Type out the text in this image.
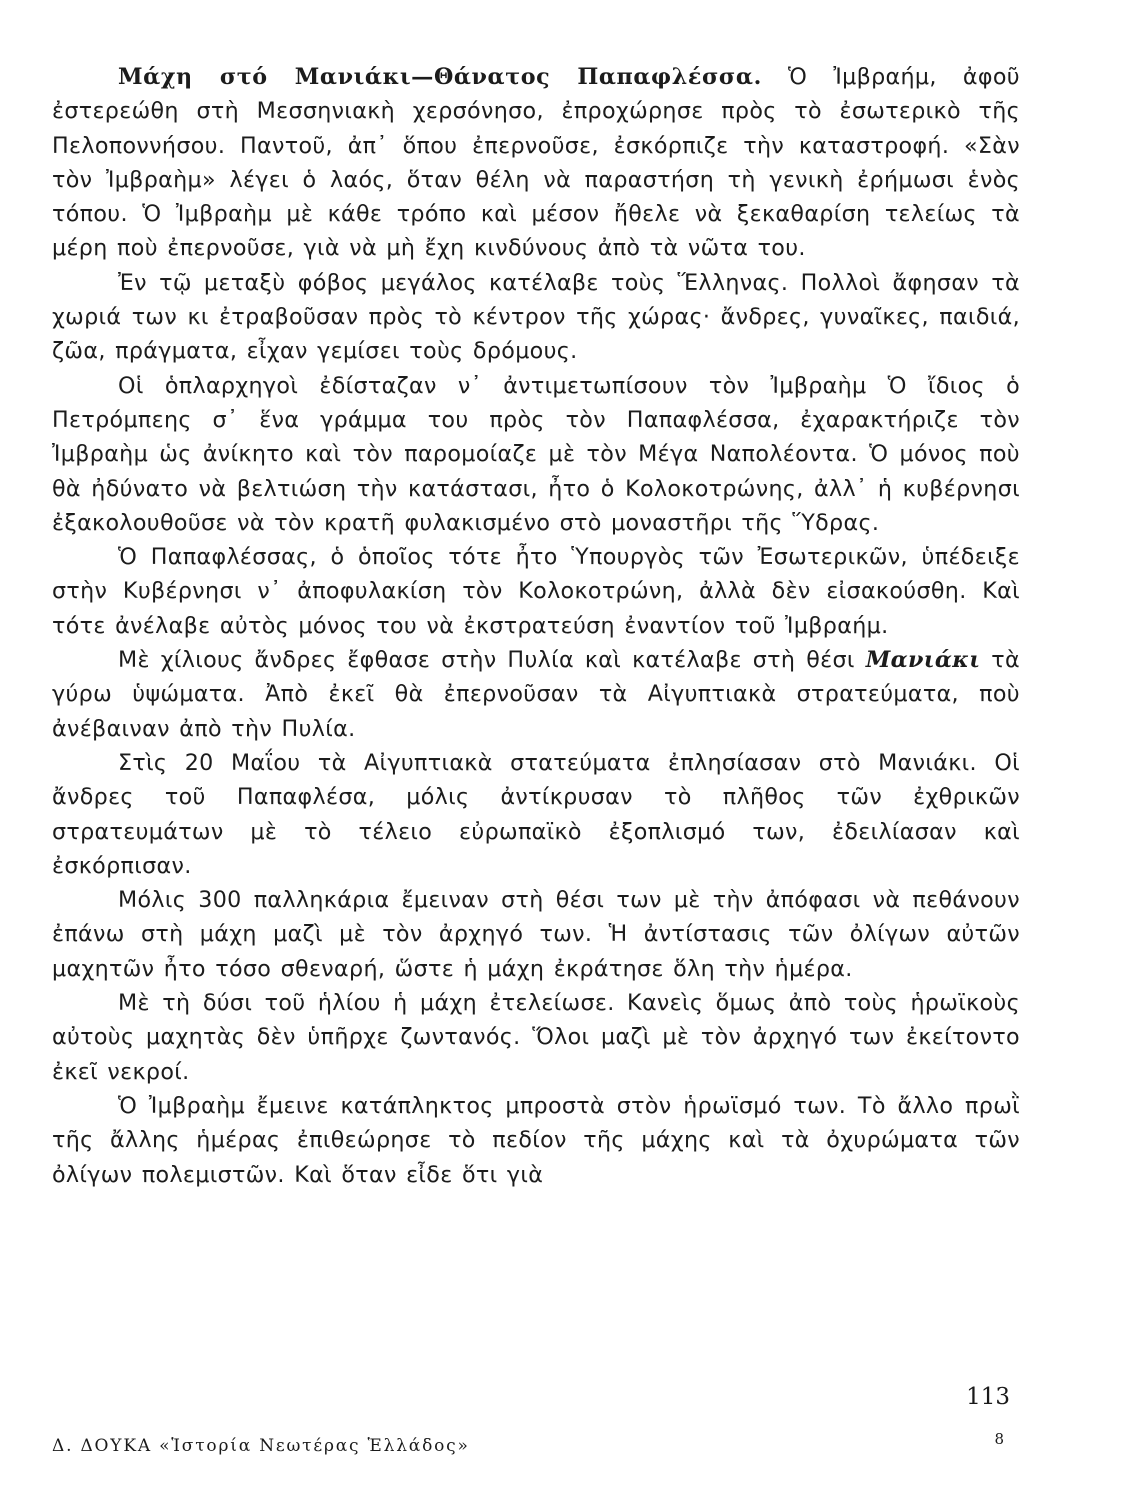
Μάχη στό Μανιάκι—Θάνατος Παπαφλέσσα. Ὁ Ἰμβραήμ, ἀφοῦ ἐστερεώθη στὴ Μεσσηνιακὴ χερσόνησο, ἐπροχώρησε πρὸς τὸ ἐσωτερικὸ τῆς Πελοποννήσου. Παντοῦ, ἀπ᾿ ὅπου ἐπερνοῦσε, ἐσκόρπιζε τὴν καταστροφή. «Σὰν τὸν Ἰμβραὴμ» λέγει ὁ λαός, ὅταν θέλη νὰ παραστήση τὴ γενικὴ ἐρήμωσι ἑνὸς τόπου. Ὁ Ἰμβραὴμ μὲ κάθε τρόπο καὶ μέσον ἤθελε νὰ ξεκαθαρίση τελείως τὰ μέρη ποὺ ἐπερνοῦσε, γιὰ νὰ μὴ ἔχη κινδύνους ἀπὸ τὰ νῶτα του.

Ἐν τῷ μεταξὺ φόβος μεγάλος κατέλαβε τοὺς Ἕλληνας. Πολλοὶ ἄφησαν τὰ χωριά των κι ἐτραβοῦσαν πρὸς τὸ κέντρον τῆς χώρας· ἄνδρες, γυναῖκες, παιδιά, ζῶα, πράγματα, εἶχαν γεμίσει τοὺς δρόμους.

Οἱ ὁπλαρχηγοὶ ἐδίσταζαν ν᾿ ἀντιμετωπίσουν τὸν Ἰμβραὴμ Ὁ ἴδιος ὁ Πετρόμπεης σ᾿ ἕνα γράμμα του πρὸς τὸν Παπαφλέσσα, ἐχαρακτήριζε τὸν Ἰμβραὴμ ὡς ἀνίκητο καὶ τὸν παρομοίαζε μὲ τὸν Μέγα Ναπολέοντα. Ὁ μόνος ποὺ θὰ ἠδύνατο νὰ βελτιώση τὴν κατάστασι, ἦτο ὁ Κολοκοτρώνης, ἀλλ᾿ ἡ κυβέρνησι ἐξακολουθοῦσε νὰ τὸν κρατῆ φυλακισμένο στὸ μοναστῆρι τῆς Ὕδρας.

Ὁ Παπαφλέσσας, ὁ ὁποῖος τότε ἦτο Ὑπουργὸς τῶν Ἐσωτερικῶν, ὑπέδειξε στὴν Κυβέρνησι ν᾿ ἀποφυλακίση τὸν Κολοκοτρώνη, ἀλλὰ δὲν εἰσακούσθη. Καὶ τότε ἀνέλαβε αὐτὸς μόνος του νὰ ἐκστρατεύση ἐναντίον τοῦ Ἰμβραήμ.

Μὲ χίλιους ἄνδρες ἔφθασε στὴν Πυλία καὶ κατέλαβε στὴ θέσι Μανιάκι τὰ γύρω ὑψώματα. Ἀπὸ ἐκεῖ θὰ ἐπερνοῦσαν τὰ Αἰγυπτιακὰ στρατεύματα, ποὺ ἀνέβαιναν ἀπὸ τὴν Πυλία.

Στὶς 20 Μαΐου τὰ Αἰγυπτιακὰ στατεύματα ἐπλησίασαν στὸ Μανιάκι. Οἱ ἄνδρες τοῦ Παπαφλέσα, μόλις ἀντίκρυσαν τὸ πλῆθος τῶν ἐχθρικῶν στρατευμάτων μὲ τὸ τέλειο εὐρωπαϊκὸ ἐξοπλισμό των, ἐδειλίασαν καὶ ἐσκόρπισαν.

Μόλις 300 παλληκάρια ἔμειναν στὴ θέσι των μὲ τὴν ἀπόφασι νὰ πεθάνουν ἐπάνω στὴ μάχη μαζὶ μὲ τὸν ἀρχηγό των. Ἡ ἀντίστασις τῶν ὀλίγων αὐτῶν μαχητῶν ἦτο τόσο σθεναρή, ὥστε ἡ μάχη ἐκράτησε ὅλη τὴν ἡμέρα.

Μὲ τὴ δύσι τοῦ ἡλίου ἡ μάχη ἐτελείωσε. Κανεὶς ὅμως ἀπὸ τοὺς ἡρωϊκοὺς αὐτοὺς μαχητὰς δὲν ὑπῆρχε ζωντανός. Ὅλοι μαζὶ μὲ τὸν ἀρχηγό των ἐκείτοντο ἐκεῖ νεκροί.

Ὁ Ἰμβραὴμ ἔμεινε κατάπληκτος μπροστὰ στὸν ἡρωϊσμό των. Τὸ ἄλλο πρωῒ τῆς ἄλλης ἡμέρας ἐπιθεώρησε τὸ πεδίον τῆς μάχης καὶ τὰ ὀχυρώματα τῶν ὀλίγων πολεμιστῶν. Καὶ ὅταν εἶδε ὅτι γιὰ

113
Δ. ΔΟΥΚΑ «Ἱστορία Νεωτέρας Ἑλλάδος»	8
